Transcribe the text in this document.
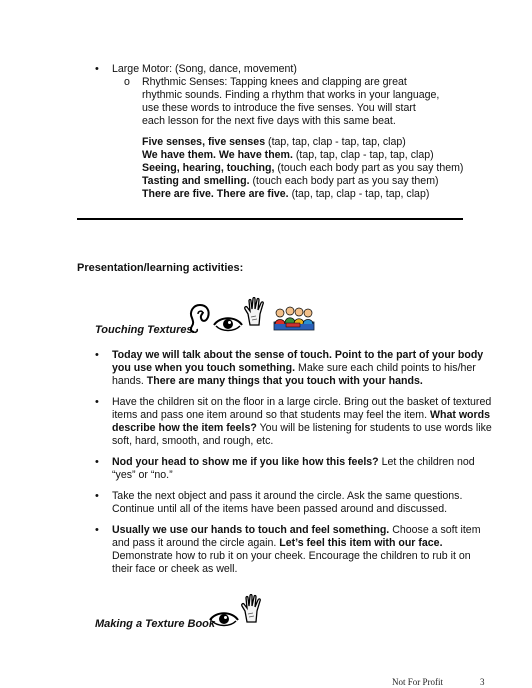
• Large Motor: (Song, dance, movement)
o Rhythmic Senses: Tapping knees and clapping are great
rhythmic sounds. Finding a rhythm that works in your language,
use these words to introduce the five senses. You will start
each lesson for the next five days with this same beat.
Five senses, five senses (tap, tap, clap - tap, tap, clap)
We have them. We have them. (tap, tap, clap - tap, tap, clap)
Seeing, hearing, touching, (touch each body part as you say them)
Tasting and smelling. (touch each body part as you say them)
There are five. There are five. (tap, tap, clap - tap, tap, clap)
Presentation/learning activities:
Touching Textures
• Today we will talk about the sense of touch. Point to the part of your body
you use when you touch something. Make sure each child points to his/her
hands. There are many things that you touch with your hands.
• Have the children sit on the floor in a large circle. Bring out the basket of textured
items and pass one item around so that students may feel the item. What words
describe how the item feels? You will be listening for students to use words like
soft, hard, smooth, and rough, etc.
• Nod your head to show me if you like how this feels? Let the children nod
“yes” or “no.”
• Take the next object and pass it around the circle. Ask the same questions.
Continue until all of the items have been passed around and discussed.
• Usually we use our hands to touch and feel something. Choose a soft item
and pass it around the circle again. Let’s feel this item with our face.
Demonstrate how to rub it on your cheek. Encourage the children to rub it on
their face or cheek as well.
Making a Texture Book
Not For Profit	3
